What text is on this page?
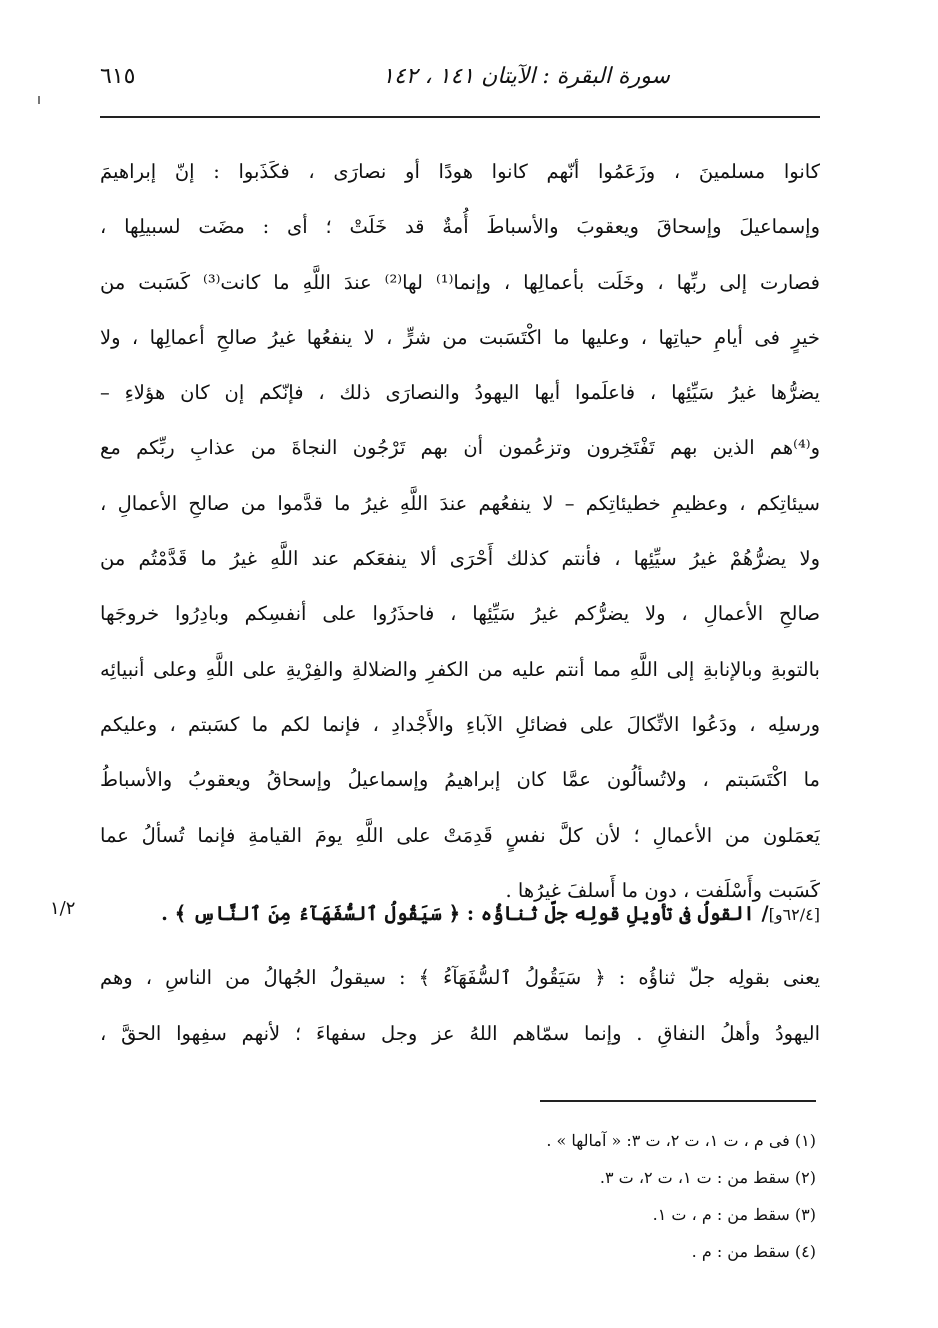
سورة البقرة : الآيتان ١٤١ ، ١٤٢
٦١٥
كانوا مسلمينَ ، وزَعَمُوا أنّهم كانوا هودًا أو نصارَى ، فكَذَبوا : إنّ إبراهيمَ
وإسماعيلَ وإسحاقَ ويعقوبَ والأسباطَ أُمةٌ قد خَلَتْ ؛ أى : مضَت لسبيلِها ،
فصارت إلى ربِّها ، وخَلَت بأعمالِها ، وإنما⁽¹⁾ لها⁽²⁾ عندَ اللَّهِ ما كانت⁽³⁾ كَسَبت من
خيرٍ فى أيامِ حياتِها ، وعليها ما اكْتَسَبت من شرٍّ ، لا ينفعُها غيرُ صالحِ أعمالِها ، ولا
يضرُّها غيرُ سَيِّئِها ، فاعلَموا أيها اليهودُ والنصارَى ذلك ، فإنّكم إن كان هؤلاءِ –
و⁽⁴⁾هم الذين بهم تَفْتَخِرون وتزعُمون أن بهم تَرْجُون النجاةَ من عذابِ ربِّكم مع
سيئاتِكم ، وعظيمِ خطيئاتِكم – لا ينفعُهم عندَ اللَّهِ غيرُ ما قدَّموا من صالحِ الأعمالِ ،
ولا يضرُّهُمْ غيرُ سيِّئِها ، فأنتم كذلك أَحْرَى ألا ينفعَكم عند اللَّهِ غيرُ ما قَدَّمْتُم من
صالحِ الأعمالِ ، ولا يضرُّكم غيرُ سَيِّئِها ، فاحذَرُوا على أنفسِكم وبادِرُوا خروجَها
بالتوبةِ وبالإنابةِ إلى اللَّهِ مما أنتم عليه من الكفرِ والضلالةِ والفِرْيةِ على اللَّهِ وعلى أنبيائِه
ورسلِه ، ودَعُوا الاتِّكالَ على فضائلِ الآباءِ والأَجْدادِ ، فإنما لكم ما كسَبتم ، وعليكم
ما اكْتَسَبتم ، ولاتُسألُون عمَّا كان إبراهيمُ وإسماعيلُ وإسحاقُ ويعقوبُ والأسباطُ
يَعمَلون من الأعمالِ ؛ لأن كلَّ نفسٍ قَدِمَتْ على اللَّهِ يومَ القيامةِ فإنما تُسألُ عما
كَسَبت وأَسْلَفت ، دون ما أَسلفَ غيرُها .
[٦٢/٤و]/ القولُ فى تأويلِ قولِه جلّ ثناؤُه : ﴿ سَيَقُولُ ٱلسُّفَهَآءُ مِنَ ٱلنَّاسِ ﴾ .
١/٢
يعنى بقولِه جلّ ثناؤُه : ﴿ سَيَقُولُ ٱلسُّفَهَآءُ ﴾ : سيقولُ الجُهالُ من الناسِ ، وهم
اليهودُ وأهلُ النفاقِ . وإنما سمّاهم اللهُ عز وجل سفهاءَ ؛ لأنهم سفِهوا الحقَّ ،
(١) فى م ، ت ١، ت ٢، ت ٣: « آمالها » .
(٢) سقط من : ت ١، ت ٢، ت ٣.
(٣) سقط من : م ، ت ١.
(٤) سقط من : م .
